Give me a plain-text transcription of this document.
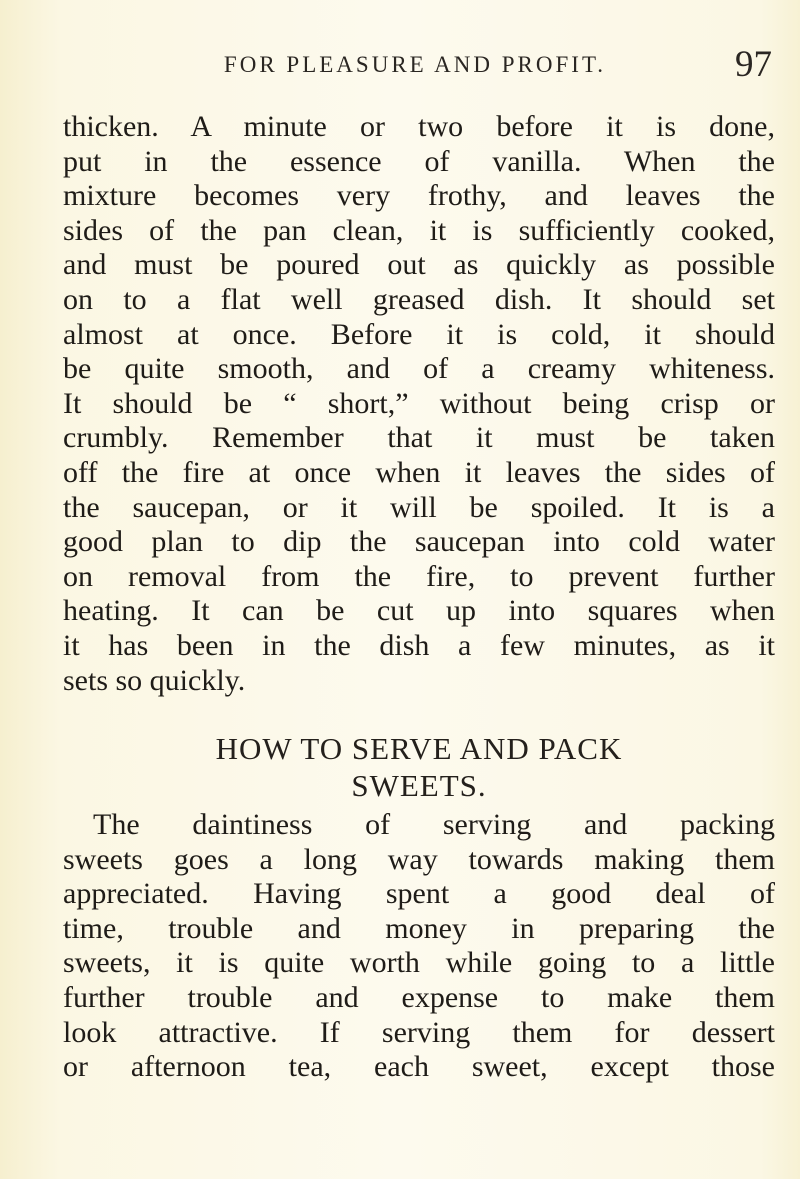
FOR PLEASURE AND PROFIT.	97
thicken. A minute or two before it is done,
put in the essence of vanilla. When the
mixture becomes very frothy, and leaves the
sides of the pan clean, it is sufficiently cooked,
and must be poured out as quickly as possible
on to a flat well greased dish. It should set
almost at once. Before it is cold, it should
be quite smooth, and of a creamy whiteness.
It should be “ short,” without being crisp or
crumbly. Remember that it must be taken
off the fire at once when it leaves the sides of
the saucepan, or it will be spoiled. It is a
good plan to dip the saucepan into cold water
on removal from the fire, to prevent further
heating. It can be cut up into squares when
it has been in the dish a few minutes, as it
sets so quickly.
HOW TO SERVE AND PACK
SWEETS.
The daintiness of serving and packing
sweets goes a long way towards making them
appreciated. Having spent a good deal of
time, trouble and money in preparing the
sweets, it is quite worth while going to a little
further trouble and expense to make them
look attractive. If serving them for dessert
or afternoon tea, each sweet, except those
